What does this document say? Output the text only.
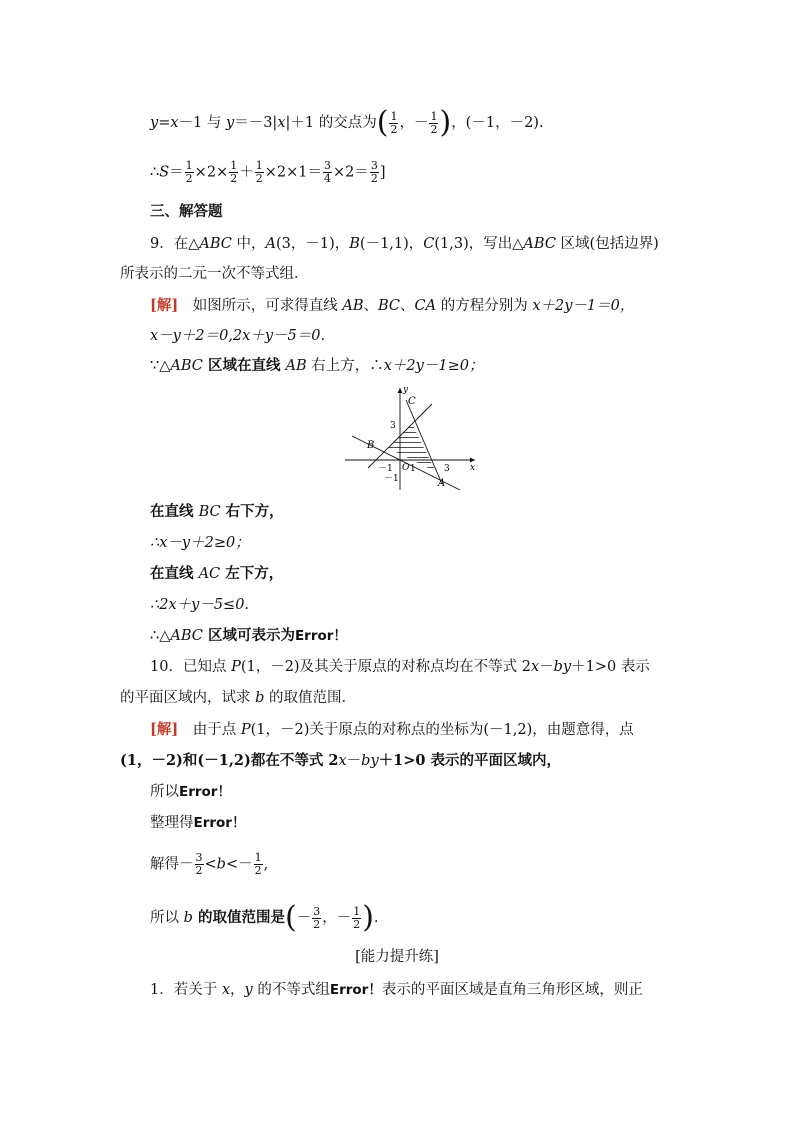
y=x－1 与 y＝－3|x|＋1 的交点为( $\frac{1}{2}$ ，－ $\frac{1}{2}$ )，(－1，－2).
∴S＝ $\frac{1}{2} \times 2\times \frac{1}{2} + \frac{1}{2} \times 2\times 1= \frac{3}{4} \times 2= \frac{3}{2}$ ]
三、解答题
9．在△ABC 中，A(3，－1)，B(－1,1)，C(1,3)，写出△ABC 区域(包括边界)
所表示的二元一次不等式组．
[解]　如图所示，可求得直线 AB、BC、CA 的方程分别为 x＋2y－1＝0，
x－y＋2＝0,2x＋y－5＝0.
∵△ABC 区域在直线 AB 右上方，∴x＋2y－1≥0；
y
x
O
3
－1
－1 1	3
A
B
C
在直线 BC 右下方，
∴x－y＋2≥0；
在直线 AC 左下方，
∴2x＋y－5≤0.
∴△ABC 区域可表示为Error！
10．已知点 P(1，－2)及其关于原点的对称点均在不等式 2x－by＋1>0 表示
的平面区域内，试求 b 的取值范围．
[解]　由于点 P(1，－2)关于原点的对称点的坐标为(－1,2)，由题意得，点
(1，－2)和(－1,2)都在不等式 2x－by＋1>0 表示的平面区域内，
所以Error！
整理得Error！
解得－ $\frac{3}{2} <b<- \frac{1}{2}$ ,
所以 b 的取值范围是(－ $\frac{3}{2}$ ，－ $\frac{1}{2}$ ).
[能力提升练]
1．若关于 x，y 的不等式组Error！表示的平面区域是直角三角形区域，则正
